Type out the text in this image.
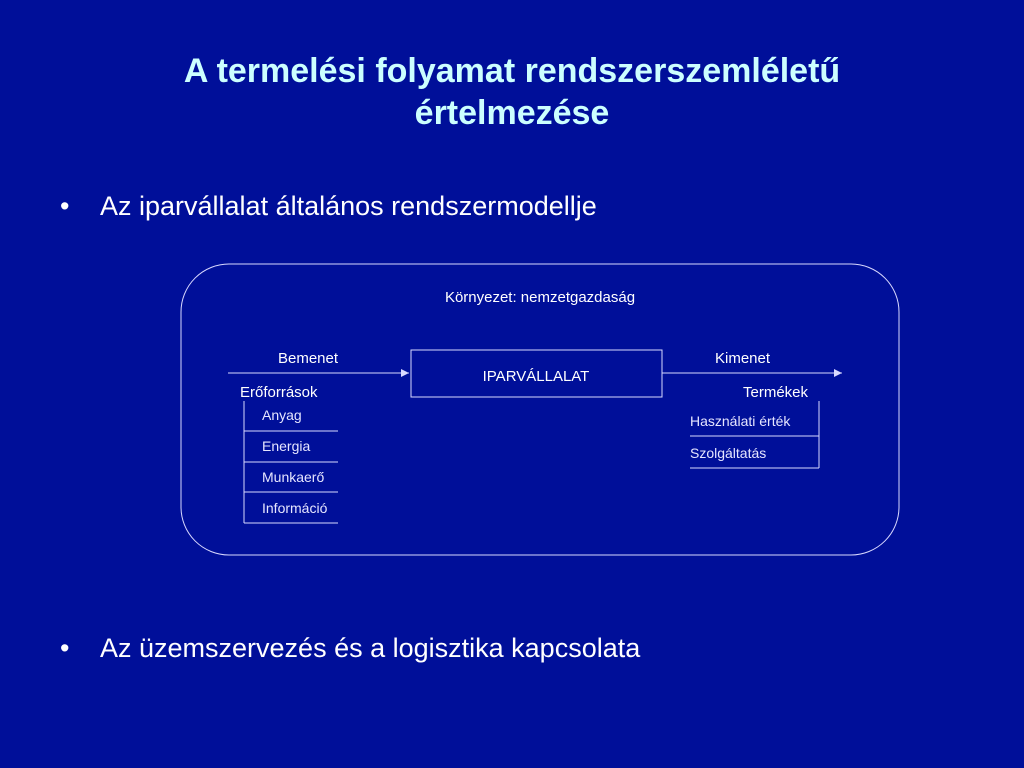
A termelési folyamat rendszerszemléletű
értelmezése
• Az iparvállalat általános rendszermodellje
Környezet: nemzetgazdaság
Bemenet
IPARVÁLLALAT
Kimenet
Erőforrások
Anyag
Energia
Munkaerő
Információ
Termékek
Használati érték
Szolgáltatás
• Az üzemszervezés és a logisztika kapcsolata
